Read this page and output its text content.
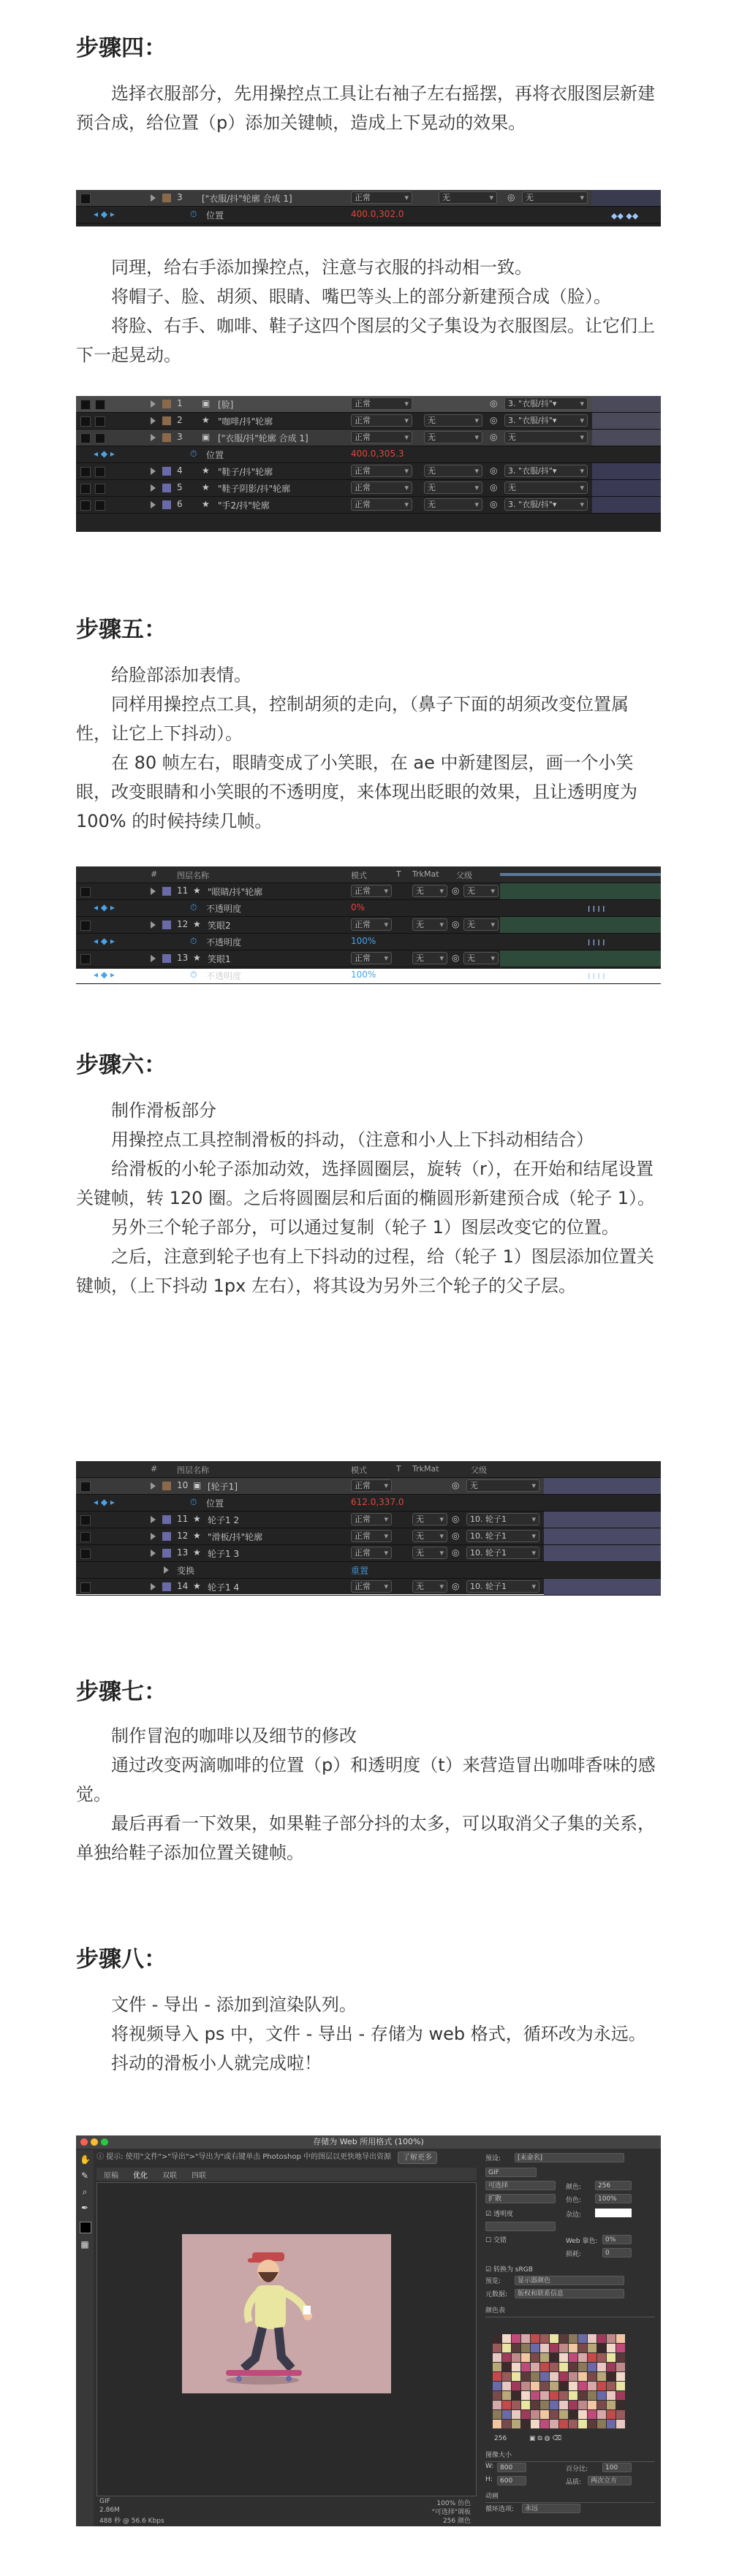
步骤四：

选择衣服部分，先用操控点工具让右袖子左右摇摆，再将衣服图层新建预合成，给位置（p）添加关键帧，造成上下晃动的效果。

3 ["衣服/抖"轮廓 合成 1]	正常 ▾	无 ▾	◎	无 ▾
◂ ◆ ▸	⏱ 位置	400.0,302.0	◆◆ ◆◆

同理，给右手添加操控点，注意与衣服的抖动相一致。

将帽子、脸、胡须、眼睛、嘴巴等头上的部分新建预合成（脸）。

将脸、右手、咖啡、鞋子这四个图层的父子集设为衣服图层。让它们上下一起晃动。

1 ▣ [脸]	正常 ▾	◎	3. "衣服/抖"▾ ▾
2 ★ "咖啡/抖"轮廓	正常 ▾	无 ▾	◎	3. "衣服/抖"▾ ▾
3 ▣ ["衣服/抖"轮廓 合成 1]	正常 ▾	无 ▾	◎	无 ▾
◂ ◆ ▸	⏱ 位置	400.0,305.3
4 ★ "鞋子/抖"轮廓	正常 ▾	无 ▾	◎	3. "衣服/抖"▾ ▾
5 ★ "鞋子阴影/抖"轮廓	正常 ▾	无 ▾	◎	无 ▾
6 ★ "手2/抖"轮廓	正常 ▾	无 ▾	◎	3. "衣服/抖"▾ ▾
步骤五：

给脸部添加表情。

同样用操控点工具，控制胡须的走向，（鼻子下面的胡须改变位置属性，让它上下抖动）。

在 80 帧左右，眼睛变成了小笑眼，在 ae 中新建图层，画一个小笑眼，改变眼睛和小笑眼的不透明度，来体现出眨眼的效果，且让透明度为 100% 的时候持续几帧。

# 图层名称	模式	T TrkMat 父级
11 ★ "眼睛/抖"轮廓	正常 ▾	无 ▾	◎ 无 ▾
◂ ◆ ▸	⏱ 不透明度	0%	I I I I
12 ★ 笑眼2	正常 ▾	无 ▾	◎ 无 ▾
◂ ◆ ▸	⏱ 不透明度	100%	I I I I
13 ★ 笑眼1	正常 ▾	无 ▾	◎ 无 ▾
◂ ◆ ▸	⏱ 不透明度	100%	I I I I
步骤六：

制作滑板部分

用操控点工具控制滑板的抖动，（注意和小人上下抖动相结合）

给滑板的小轮子添加动效，选择圆圈层，旋转（r），在开始和结尾设置关键帧，转 120 圈。之后将圆圈层和后面的椭圆形新建预合成（轮子 1）。

另外三个轮子部分，可以通过复制（轮子 1）图层改变它的位置。

之后，注意到轮子也有上下抖动的过程，给（轮子 1）图层添加位置关键帧，（上下抖动 1px 左右），将其设为另外三个轮子的父子层。

# 图层名称	模式	T TrkMat	父级
10 ▣ [轮子1]	正常 ▾	◎	无 ▾
◂ ◆ ▸	⏱ 位置	612.0,337.0
11 ★ 轮子1 2	正常 ▾	无 ▾	◎	10. 轮子1 ▾
12 ★ "滑板/抖"轮廓	正常 ▾	无 ▾	◎	10. 轮子1 ▾
13 ★ 轮子1 3	正常 ▾	无 ▾	◎	10. 轮子1 ▾
变换	重置
14 ★ 轮子1 4	正常 ▾	无 ▾	◎	10. 轮子1 ▾
步骤七：

制作冒泡的咖啡以及细节的修改

通过改变两滴咖啡的位置（p）和透明度（t）来营造冒出咖啡香味的感觉。

最后再看一下效果，如果鞋子部分抖的太多，可以取消父子集的关系，单独给鞋子添加位置关键帧。

步骤八：

文件 - 导出 - 添加到渲染队列。

将视频导入 ps 中，文件 - 导出 - 存储为 web 格式，循环改为永远。

抖动的滑板小人就完成啦！

存储为 Web 所用格式 (100%)
✋
✎
⌕
✒
▦
ⓘ 提示: 使用"文件">"导出">"导出为"或右键单击 Photoshop 中的图层以更快地导出资源	了解更多
原稿 优化 双联 四联
GIF
2.86M
488 秒 @ 56.6 Kbps
100% 仿色
"可选择"调板
256 颜色
预设:	[未命名]
GIF
可选择	颜色:	256
扩散	仿色:	100%
☑ 透明度	杂边:
☐ 交错	Web 靠色:	0%
损耗:	0
☑ 转换为 sRGB
预览:	显示器颜色
元数据:	版权和联系信息
颜色表
256	▣ ⧉ ◍ ⌫
图像大小
W: 800	百分比:	100
H:	600	品质:	两次立方
动画
循环选项:	永远
